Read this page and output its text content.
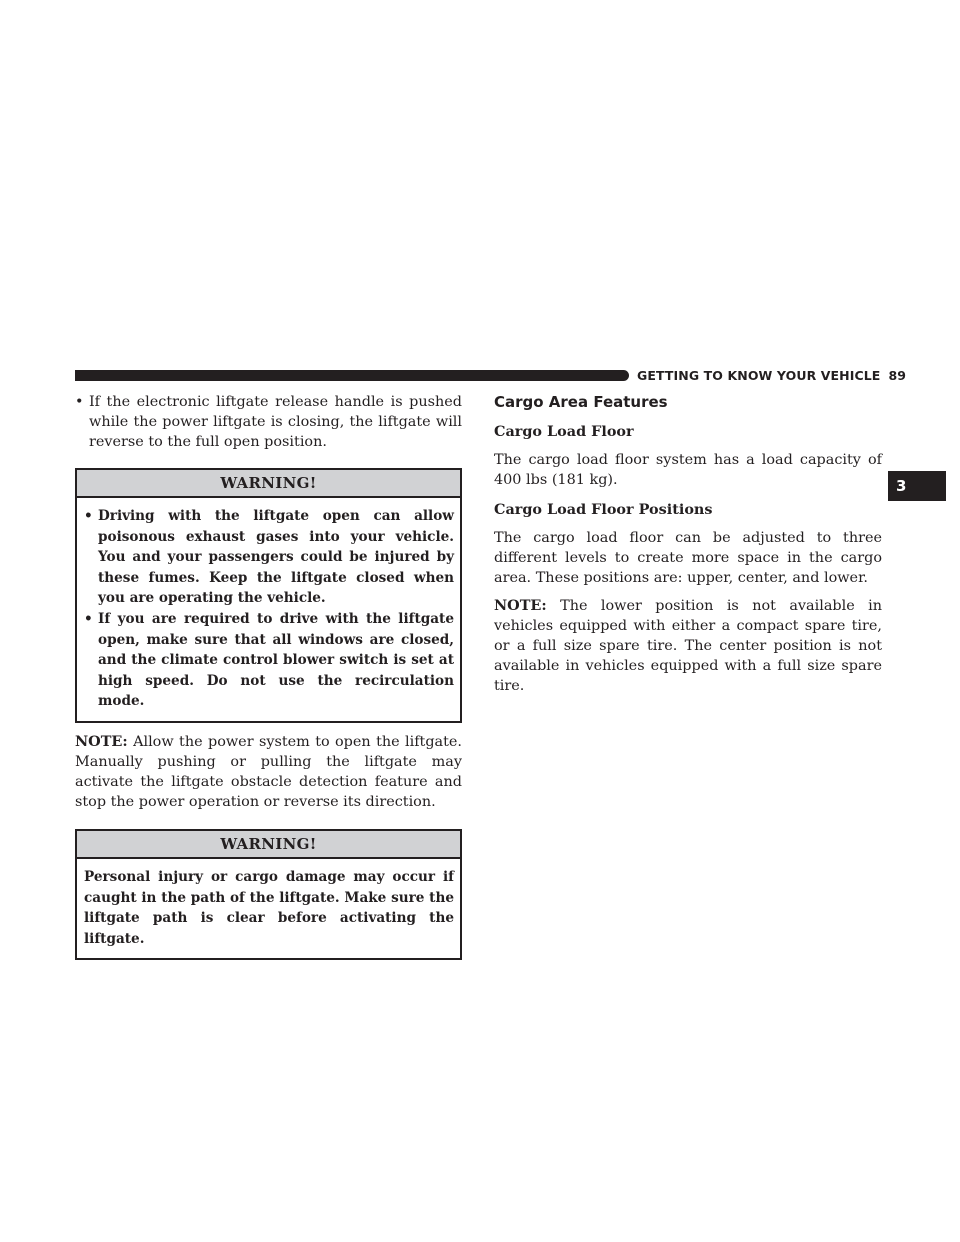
GETTING TO KNOW YOUR VEHICLE 89
3

• If the electronic liftgate release handle is pushed while the power liftgate is closing, the liftgate will reverse to the full open position.

WARNING!

• Driving with the liftgate open can allow poisonous exhaust gases into your vehicle. You and your passengers could be injured by these fumes. Keep the liftgate closed when you are operating the vehicle.

• If you are required to drive with the liftgate open, make sure that all windows are closed, and the climate control blower switch is set at high speed. Do not use the recirculation mode.

NOTE: Allow the power system to open the liftgate. Manually pushing or pulling the liftgate may activate the liftgate obstacle detection feature and stop the power operation or reverse its direction.

WARNING!

Personal injury or cargo damage may occur if caught in the path of the liftgate. Make sure the liftgate path is clear before activating the liftgate.

Cargo Area Features
Cargo Load Floor

The cargo load floor system has a load capacity of 400 lbs (181 kg).

Cargo Load Floor Positions

The cargo load floor can be adjusted to three different levels to create more space in the cargo area. These positions are: upper, center, and lower.

NOTE: The lower position is not available in vehicles equipped with either a compact spare tire, or a full size spare tire. The center position is not available in vehicles equipped with a full size spare tire.
